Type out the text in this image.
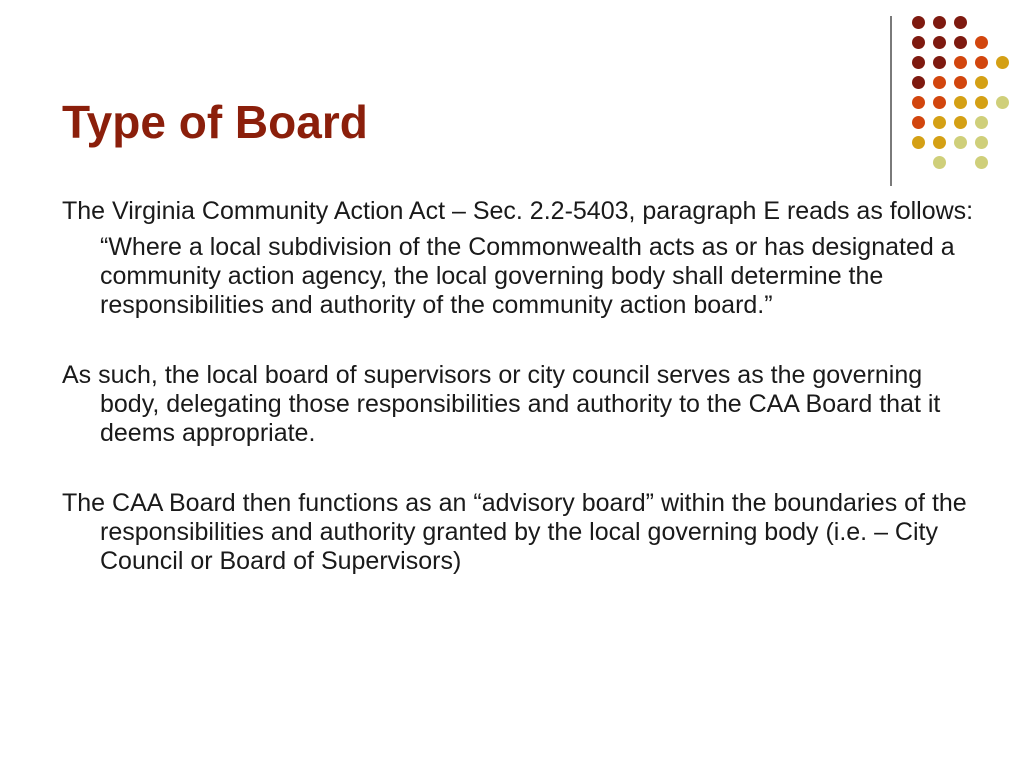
Type of Board

The Virginia Community Action Act – Sec. 2.2-5403, paragraph E reads as follows:

“Where a local subdivision of the Commonwealth acts as or has designated a community action agency, the local governing body shall determine the responsibilities and authority of the community action board.”

As such, the local board of supervisors or city council serves as the governing body, delegating those responsibilities and authority to the CAA Board that it deems appropriate.

The CAA Board then functions as an “advisory board” within the boundaries of the responsibilities and authority granted by the local governing body (i.e. – City Council or Board of Supervisors)
